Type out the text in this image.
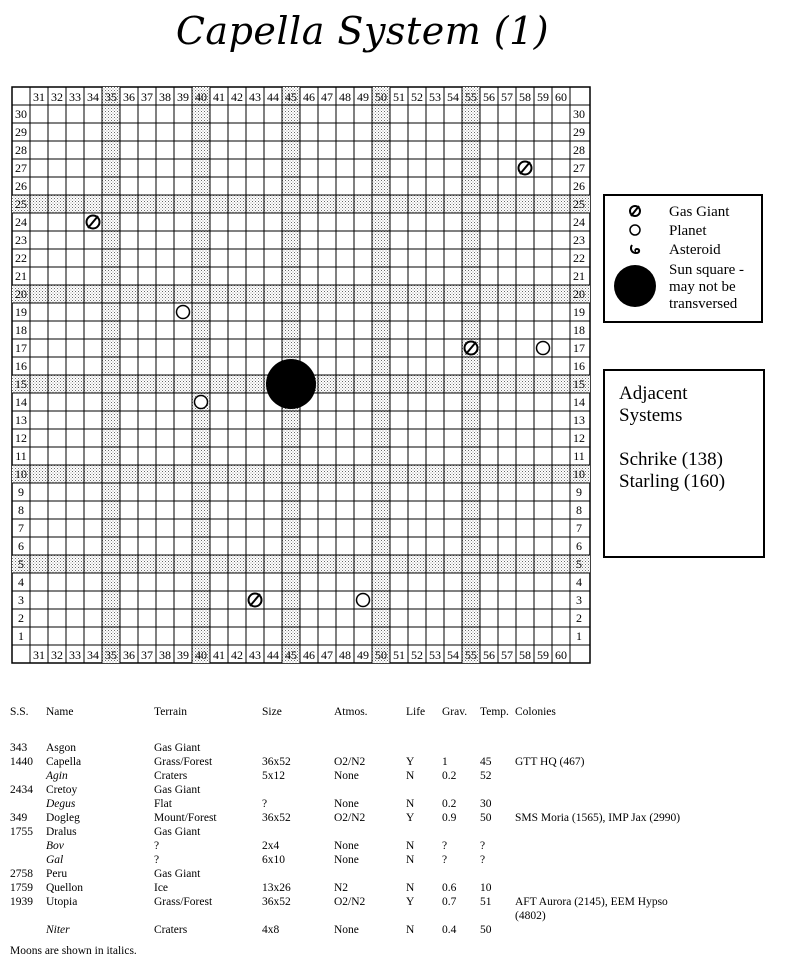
Capella System (1)
31
31
32
32
33
33
34
34
35
35
36
36
37
37
38
38
39
39
40
40
41
41
42
42
43
43
44
44
45
45
46
46
47
47
48
48
49
49
50
50
51
51
52
52
53
53
54
54
55
55
56
56
57
57
58
58
59
59
60
60
30	30
29	29
28	28
27	27
26	26
25	25
24	24
23	23
22	22
21	21
20	20
19	19
18	18
17	17
16	16
15	15
14	14
13	13
12	12
11	11
10	10
9	9
8	8
7	7
6	6
5	5
4	4
3	3
2	2
1	1
Gas Giant
Planet
Asteroid
Sun square -
may not be
transversed
Adjacent
Systems
Schrike (138)
Starling (160)
S.S. Name	Terrain	Size	Atmos.	Life Grav. Temp. Colonies
343 Asgon	Gas Giant
1440 Capella	Grass/Forest	36x52	O2/N2	Y 1	45 GTT HQ (467)
Agin	Craters	5x12	None	N 0.2 52
2434 Cretoy	Gas Giant
Degus	Flat	?	None	N 0.2 30
349 Dogleg	Mount/Forest	36x52	O2/N2	Y 0.9 50 SMS Moria (1565), IMP Jax (2990)
1755 Dralus	Gas Giant
Bov	?	2x4	None	N ?	?
Gal	?	6x10	None	N ?	?
2758 Peru	Gas Giant
1759 Quellon	Ice	13x26	N2	N 0.6 10
1939 Utopia	Grass/Forest	36x52	O2/N2	Y 0.7 51 AFT Aurora (2145), EEM Hypso
(4802)
Niter	Craters	4x8	None	N 0.4 50
Moons are shown in italics.
